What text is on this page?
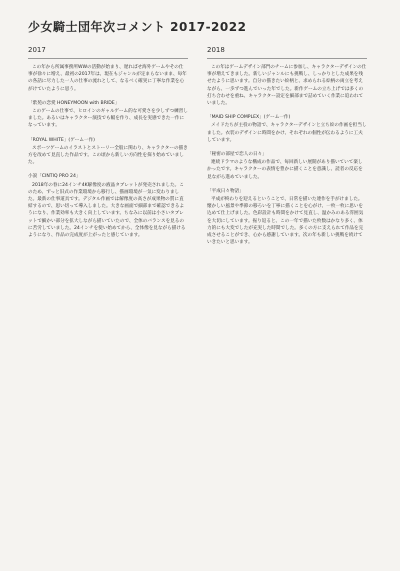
少女騎士団年次コメント 2017-2022
2017
この年から所属事務所WWの活動が始まり、遅ればせ海外ゲームやその仕事が徐々に増え、最初の2017年は、現在もジャンルが定まらないまま、毎年の各話に尽力した一人の仕事の流れとして、なるべく確実に丁寧な作業を心がけていたように思う。
「紫苑の恋愛 HONEYMOON with BRIDE」
このゲームの仕事で、ヒロインのギャルゲーム的な可愛さを少しずつ練習しました。あるいはキャラクター演技でも幅を作り、成長を実感できた一作になっています。
「ROYAL WHITE」(ゲーム一作)
スポーツゲームのイラストとストーリー全般に関わり、キャラクターの描き方を改めて見直した作品です。この頃から新しい方向性を探り始めていました。
小説「CINTIQ PRO 24」
2018年の春に24インチ4K解像度の液晶タブレットが発売されました。このため、ずっと旧式の作業環境から移行し、描画環境が一気に変わりました。最新の仕事道具です。デジタル作画では解像度の高さが成果物の質に直結するので、思い切って導入しました。大きな画面で細部まで確認できるようになり、作業効率も大きく向上しています。ちなみに以前は小さいタブレットで細かい部分を拡大しながら描いていたので、全体のバランスを見るのに苦労していました。24インチを使い始めてから、全体像を見ながら描けるようになり、作品の完成度が上がったと感じています。
2018
この年はゲームデザイン部門のチームに参加し、キャラクターデザインの仕事が増えてきました。新しいジャンルにも挑戦し、しっかりとした成果を残せたように思います。自分の描きたい絵柄と、求められる絵柄の両立を考えながら、一歩ずつ進んでいった年でした。新作ゲームの立ち上げでは多くの打ち合わせを重ね、キャラクター設定を細部まで詰めていく作業に追われていました。
「MAID SHIP COMPLEX」(ゲーム一作)
メイドたちが主役の物語で、キャラクターデザインと立ち絵の作画を担当しました。衣装のデザインに時間をかけ、それぞれの個性が伝わるように工夫しています。
「秘密の部屋で恋人の日々」
連続ドラマのような構成の作品で、毎回新しい展開があり描いていて楽しかったです。キャラクターの表情を豊かに描くことを意識し、読者の反応を見ながら進めていました。
「平成日々物語」
平成が終わりを迎えるということで、日常を描いた連作を手がけました。懐かしい風景や季節の移ろいを丁寧に描くことを心がけ、一枚一枚に思いを込めて仕上げました。色彩設計も時間をかけて見直し、温かみのある雰囲気を大切にしています。振り返ると、この一年で描いた枚数はかなり多く、体力的にも大変でしたが充実した時間でした。多くの方に支えられて作品を完成させることができ、心から感謝しています。次の年も新しい挑戦を続けていきたいと思います。
